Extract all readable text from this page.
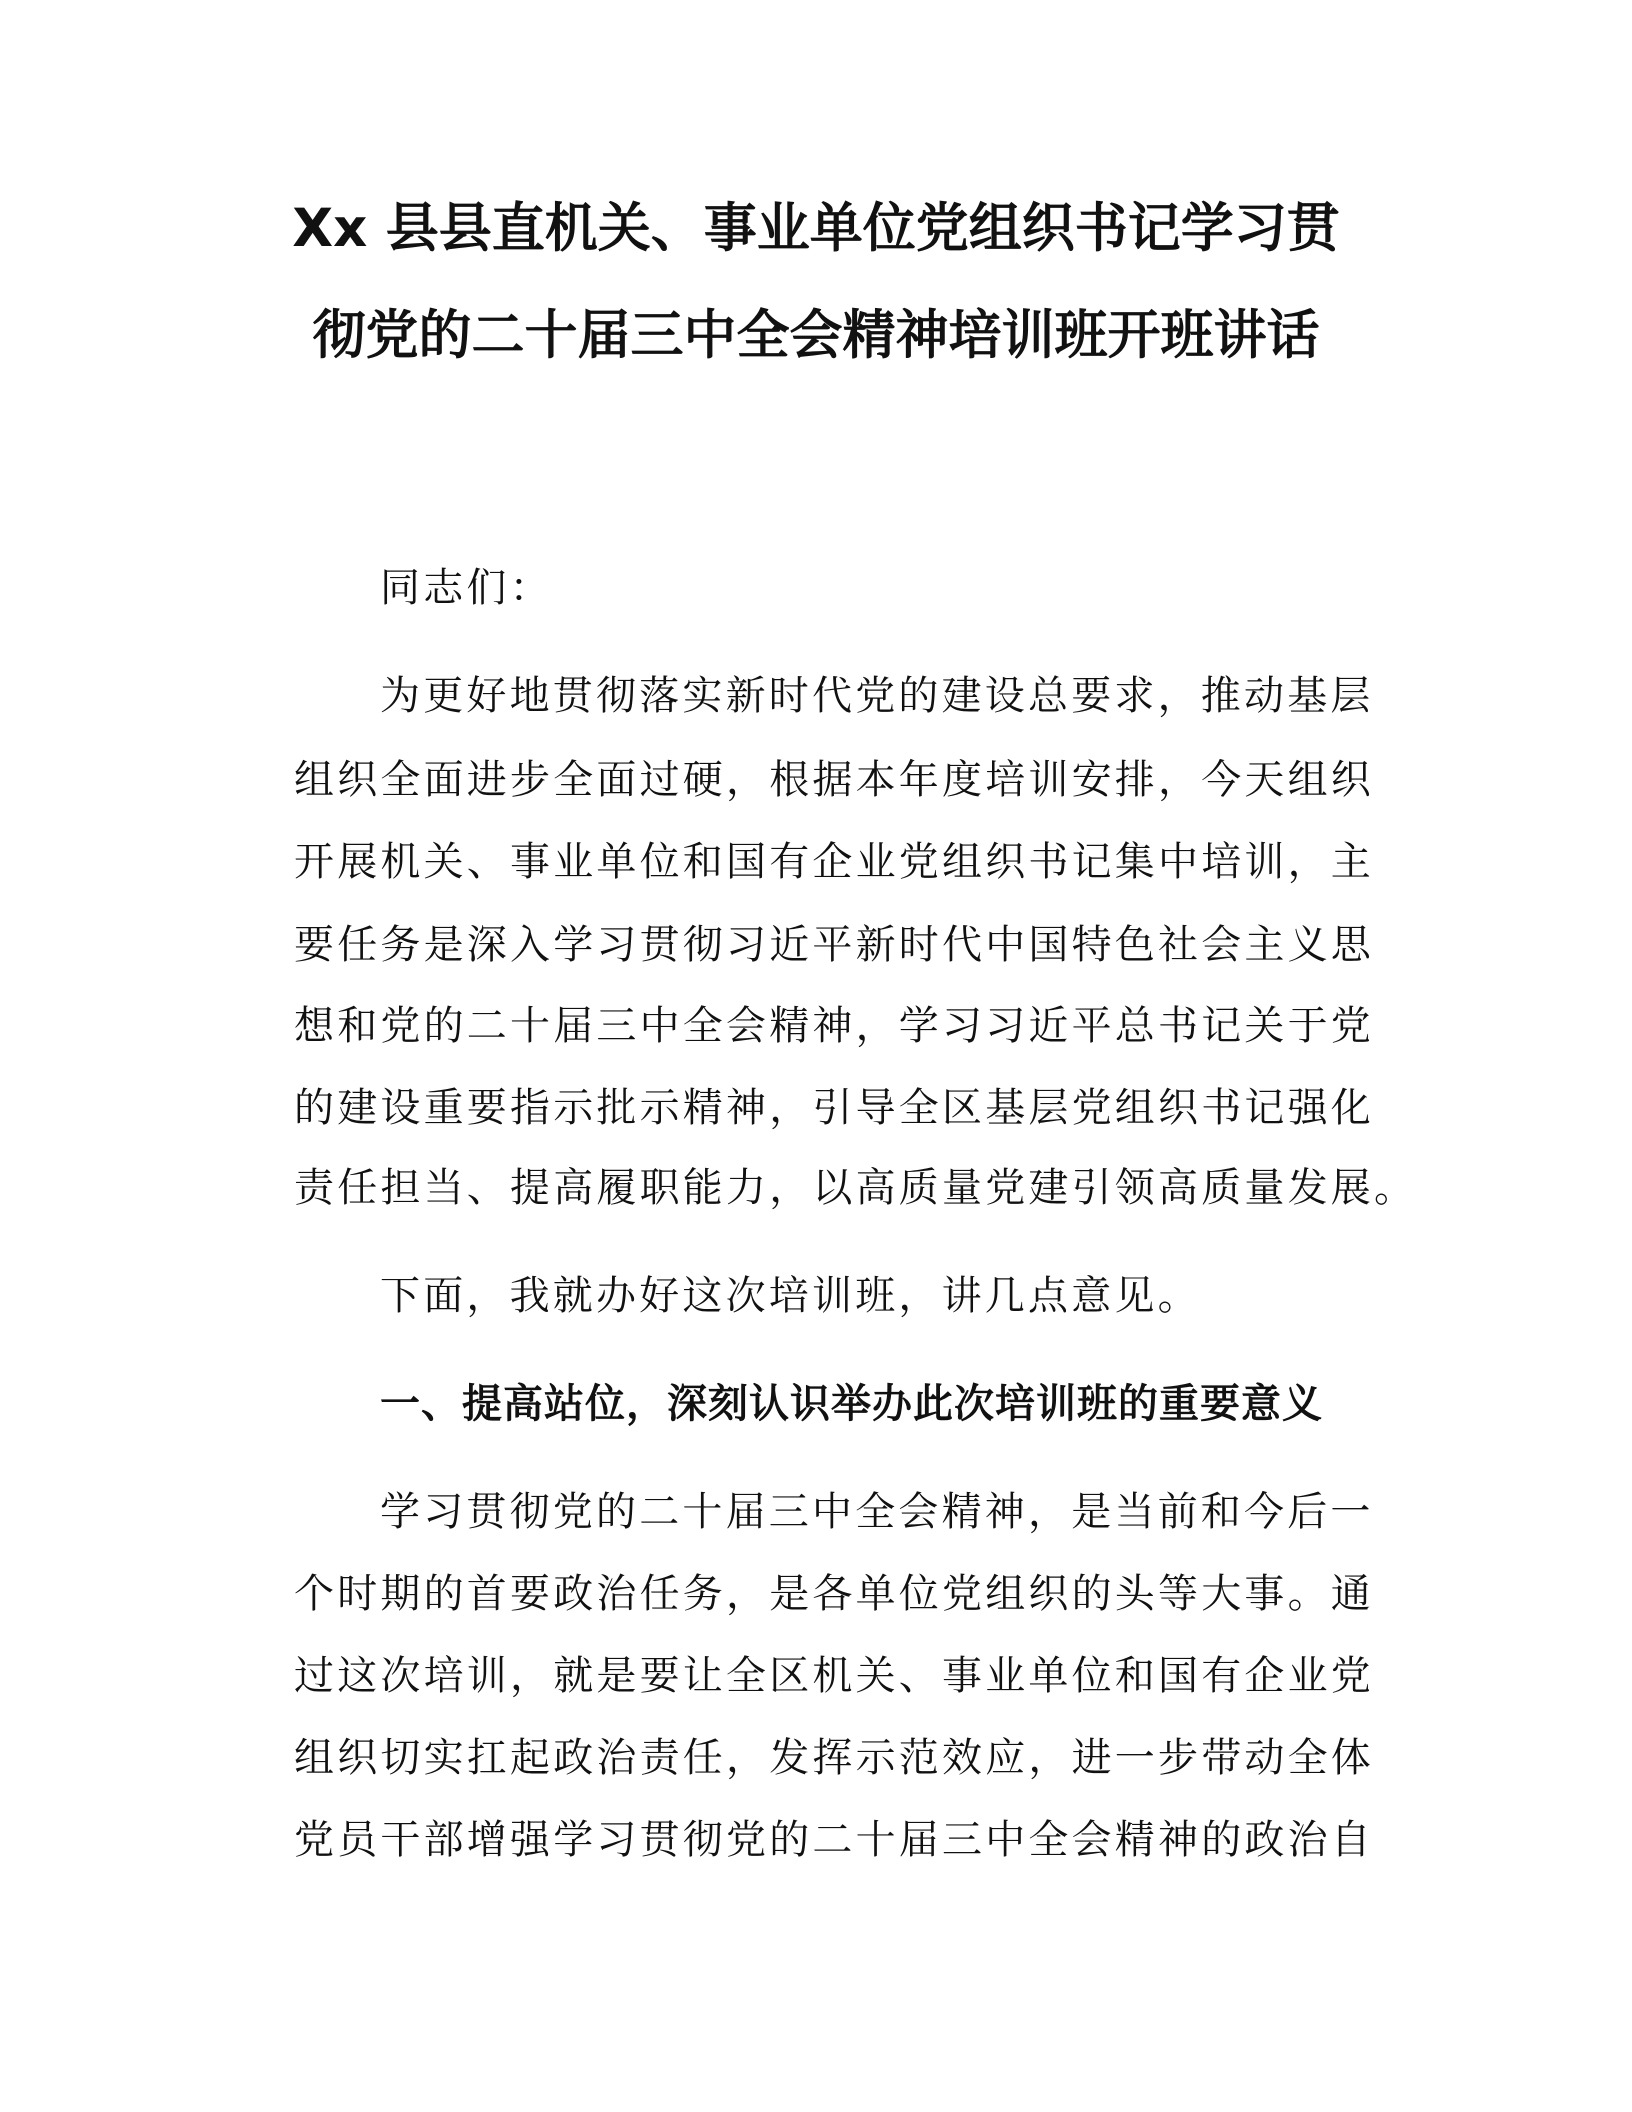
Xx 县县直机关、事业单位党组织书记学习贯
彻党的二十届三中全会精神培训班开班讲话
同志们：
为更好地贯彻落实新时代党的建设总要求，推动基层
组织全面进步全面过硬，根据本年度培训安排，今天组织
开展机关、事业单位和国有企业党组织书记集中培训，主
要任务是深入学习贯彻习近平新时代中国特色社会主义思
想和党的二十届三中全会精神，学习习近平总书记关于党
的建设重要指示批示精神，引导全区基层党组织书记强化
责任担当、提高履职能力，以高质量党建引领高质量发展。
下面，我就办好这次培训班，讲几点意见。
一、提高站位，深刻认识举办此次培训班的重要意义
学习贯彻党的二十届三中全会精神，是当前和今后一
个时期的首要政治任务，是各单位党组织的头等大事。通
过这次培训，就是要让全区机关、事业单位和国有企业党
组织切实扛起政治责任，发挥示范效应，进一步带动全体
党员干部增强学习贯彻党的二十届三中全会精神的政治自
